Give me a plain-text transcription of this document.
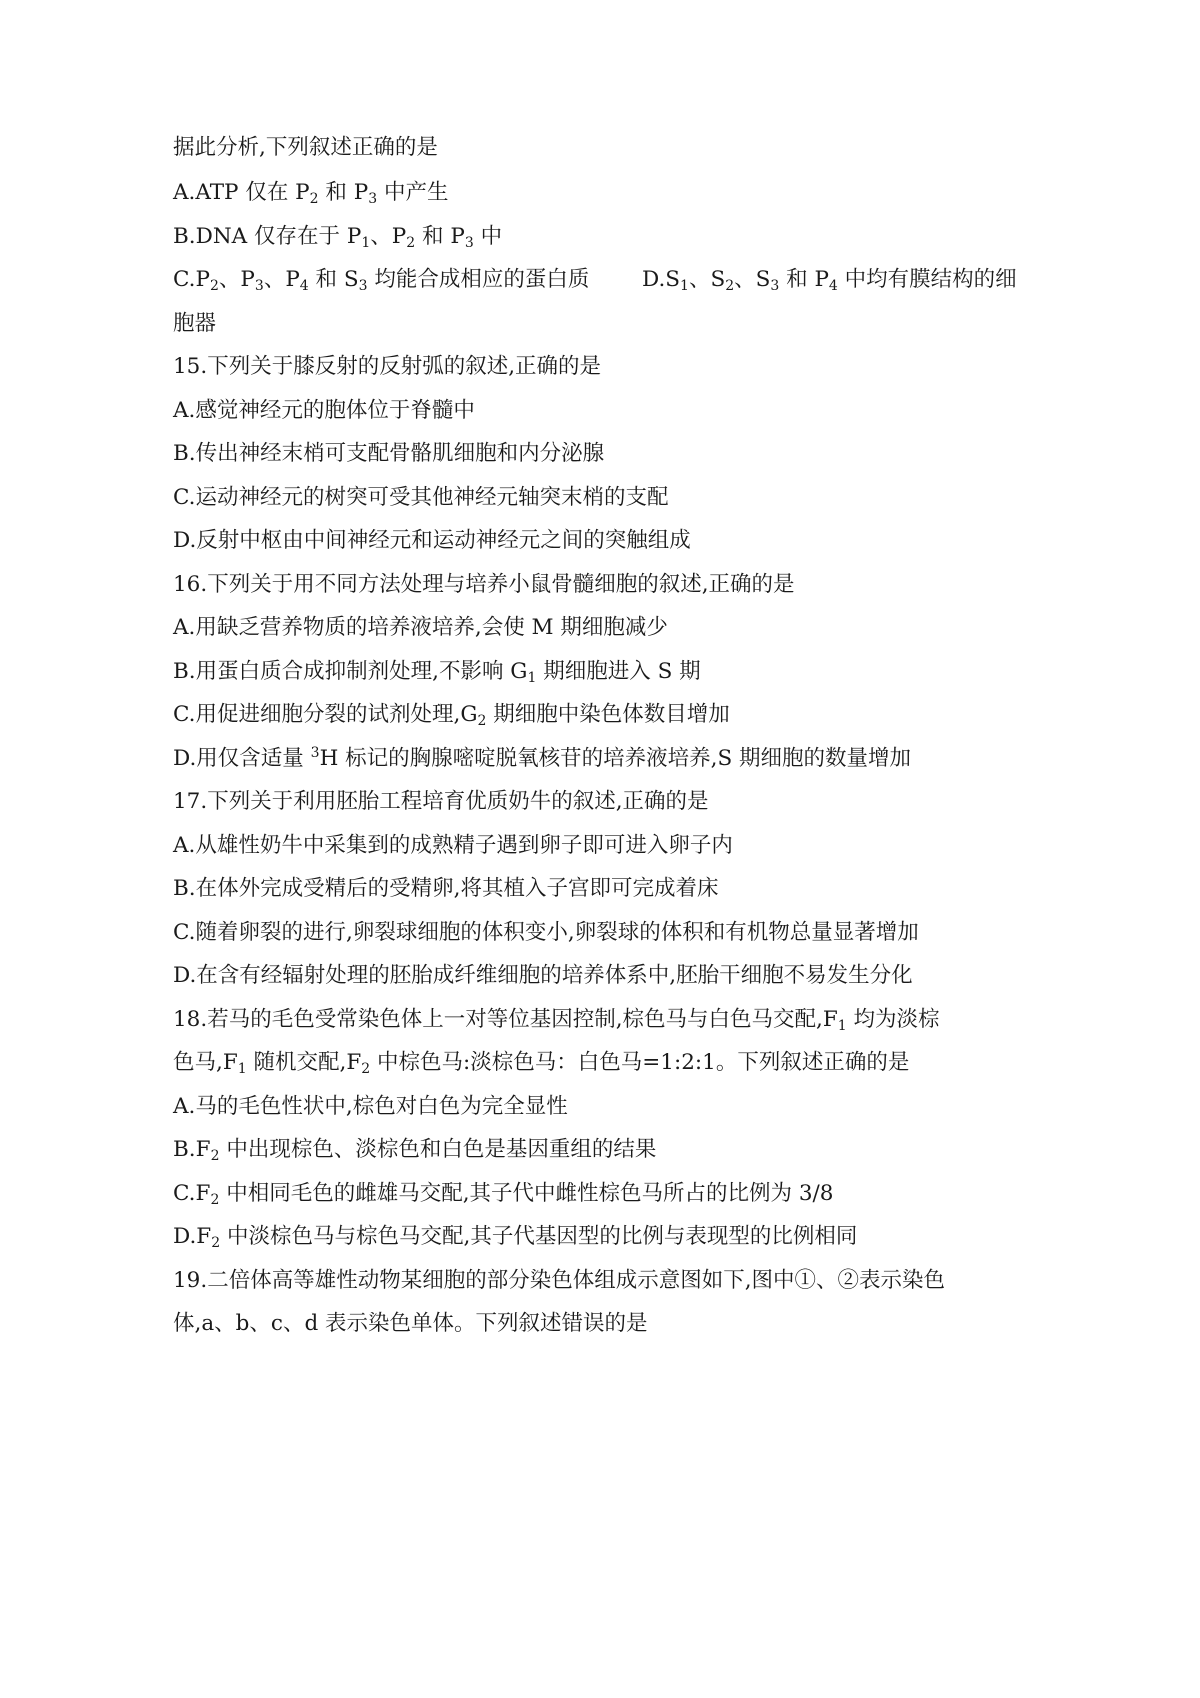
据此分析,下列叙述正确的是
A.ATP 仅在 $P_2$ 和 $P_3$ 中产生
B.DNA 仅存在于 $P_1$、$P_2$ 和 $P_3$ 中
$C.P_2$、$P_3$、$P_4$ 和 $S_3$ 均能合成相应的蛋白质 $D.S_1$、$S_2$、$S_3$ 和 $P_4$ 中均有膜结构的细
胞器
15.下列关于膝反射的反射弧的叙述,正确的是
A.感觉神经元的胞体位于脊髓中
B.传出神经末梢可支配骨骼肌细胞和内分泌腺
C.运动神经元的树突可受其他神经元轴突末梢的支配
D.反射中枢由中间神经元和运动神经元之间的突触组成
16.下列关于用不同方法处理与培养小鼠骨髓细胞的叙述,正确的是
A.用缺乏营养物质的培养液培养,会使 M 期细胞减少
B.用蛋白质合成抑制剂处理,不影响 $G_1$ 期细胞进入 S 期
C.用促进细胞分裂的试剂处理$,G_2$ 期细胞中染色体数目增加
D.用仅含适量 $^3$H 标记的胸腺嘧啶脱氧核苷的培养液培养,S 期细胞的数量增加
17.下列关于利用胚胎工程培育优质奶牛的叙述,正确的是
A.从雄性奶牛中采集到的成熟精子遇到卵子即可进入卵子内
B.在体外完成受精后的受精卵,将其植入子宫即可完成着床
C.随着卵裂的进行,卵裂球细胞的体积变小,卵裂球的体积和有机物总量显著增加
D.在含有经辐射处理的胚胎成纤维细胞的培养体系中,胚胎干细胞不易发生分化
18.若马的毛色受常染色体上一对等位基因控制,棕色马与白色马交配$,F_1$ 均为淡棕
色马$,F_1$ 随机交配$,F_2$ 中棕色马:淡棕色马：白色马=1:2:1。下列叙述正确的是
A.马的毛色性状中,棕色对白色为完全显性
$B.F_2$ 中出现棕色、淡棕色和白色是基因重组的结果
$C.F_2$ 中相同毛色的雌雄马交配,其子代中雌性棕色马所占的比例为 3/8
$D.F_2$ 中淡棕色马与棕色马交配,其子代基因型的比例与表现型的比例相同
19.二倍体高等雄性动物某细胞的部分染色体组成示意图如下,图中①、②表示染色
体,a、b、c、d 表示染色单体。下列叙述错误的是
